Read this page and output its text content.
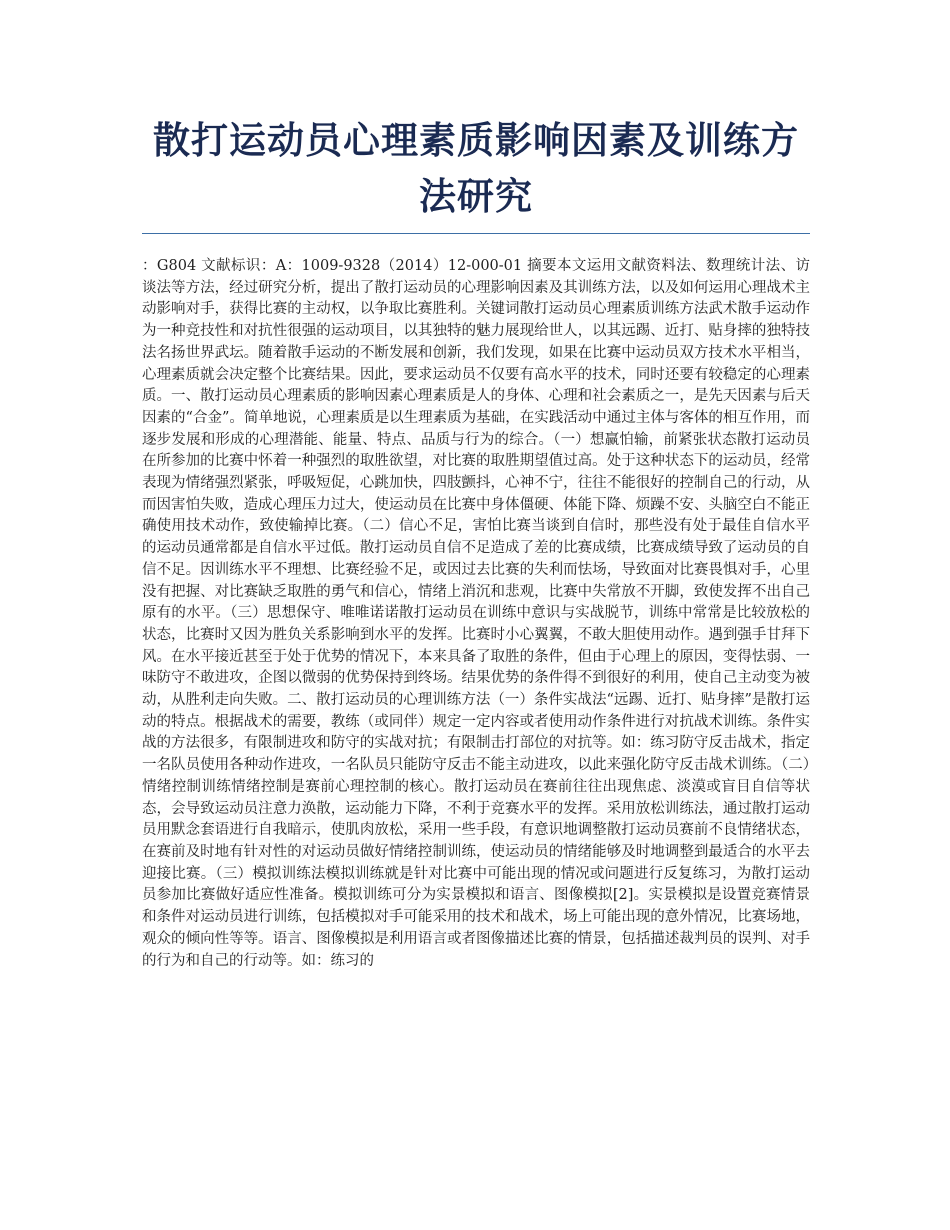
散打运动员心理素质影响因素及训练方法研究

：G804 文献标识：A：1009-9328（2014）12-000-01 摘要本文运用文献资料法、数理统计法、访谈法等方法，经过研究分析，提出了散打运动员的心理影响因素及其训练方法，以及如何运用心理战术主动影响对手，获得比赛的主动权，以争取比赛胜利。关键词散打运动员心理素质训练方法武术散手运动作为一种竞技性和对抗性很强的运动项目，以其独特的魅力展现给世人，以其远踢、近打、贴身摔的独特技法名扬世界武坛。随着散手运动的不断发展和创新，我们发现，如果在比赛中运动员双方技术水平相当，心理素质就会决定整个比赛结果。因此，要求运动员不仅要有高水平的技术，同时还要有较稳定的心理素质。一、散打运动员心理素质的影响因素心理素质是人的身体、心理和社会素质之一，是先天因素与后天因素的“合金”。简单地说，心理素质是以生理素质为基础，在实践活动中通过主体与客体的相互作用，而逐步发展和形成的心理潜能、能量、特点、品质与行为的综合。（一）想赢怕输，前紧张状态散打运动员在所参加的比赛中怀着一种强烈的取胜欲望，对比赛的取胜期望值过高。处于这种状态下的运动员，经常表现为情绪强烈紧张，呼吸短促，心跳加快，四肢颤抖，心神不宁，往往不能很好的控制自己的行动，从而因害怕失败，造成心理压力过大，使运动员在比赛中身体僵硬、体能下降、烦躁不安、头脑空白不能正确使用技术动作，致使输掉比赛。（二）信心不足，害怕比赛当谈到自信时，那些没有处于最佳自信水平的运动员通常都是自信水平过低。散打运动员自信不足造成了差的比赛成绩，比赛成绩导致了运动员的自信不足。因训练水平不理想、比赛经验不足，或因过去比赛的失利而怯场，导致面对比赛畏惧对手，心里没有把握、对比赛缺乏取胜的勇气和信心，情绪上消沉和悲观，比赛中失常放不开脚，致使发挥不出自己原有的水平。（三）思想保守、唯唯诺诺散打运动员在训练中意识与实战脱节，训练中常常是比较放松的状态，比赛时又因为胜负关系影响到水平的发挥。比赛时小心翼翼，不敢大胆使用动作。遇到强手甘拜下风。在水平接近甚至于处于优势的情况下，本来具备了取胜的条件，但由于心理上的原因，变得怯弱、一味防守不敢进攻，企图以微弱的优势保持到终场。结果优势的条件得不到很好的利用，使自己主动变为被动，从胜利走向失败。二、散打运动员的心理训练方法（一）条件实战法“远踢、近打、贴身摔”是散打运动的特点。根据战术的需要，教练（或同伴）规定一定内容或者使用动作条件进行对抗战术训练。条件实战的方法很多，有限制进攻和防守的实战对抗；有限制击打部位的对抗等。如：练习防守反击战术，指定一名队员使用各种动作进攻，一名队员只能防守反击不能主动进攻，以此来强化防守反击战术训练。（二）情绪控制训练情绪控制是赛前心理控制的核心。散打运动员在赛前往往出现焦虑、淡漠或盲目自信等状态，会导致运动员注意力涣散，运动能力下降，不利于竞赛水平的发挥。采用放松训练法，通过散打运动员用默念套语进行自我暗示，使肌肉放松，采用一些手段，有意识地调整散打运动员赛前不良情绪状态，在赛前及时地有针对性的对运动员做好情绪控制训练，使运动员的情绪能够及时地调整到最适合的水平去迎接比赛。（三）模拟训练法模拟训练就是针对比赛中可能出现的情况或问题进行反复练习，为散打运动员参加比赛做好适应性准备。模拟训练可分为实景模拟和语言、图像模拟[2]。实景模拟是设置竞赛情景和条件对运动员进行训练，包括模拟对手可能采用的技术和战术，场上可能出现的意外情况，比赛场地，观众的倾向性等等。语言、图像模拟是利用语言或者图像描述比赛的情景，包括描述裁判员的误判、对手的行为和自己的行动等。如：练习的
